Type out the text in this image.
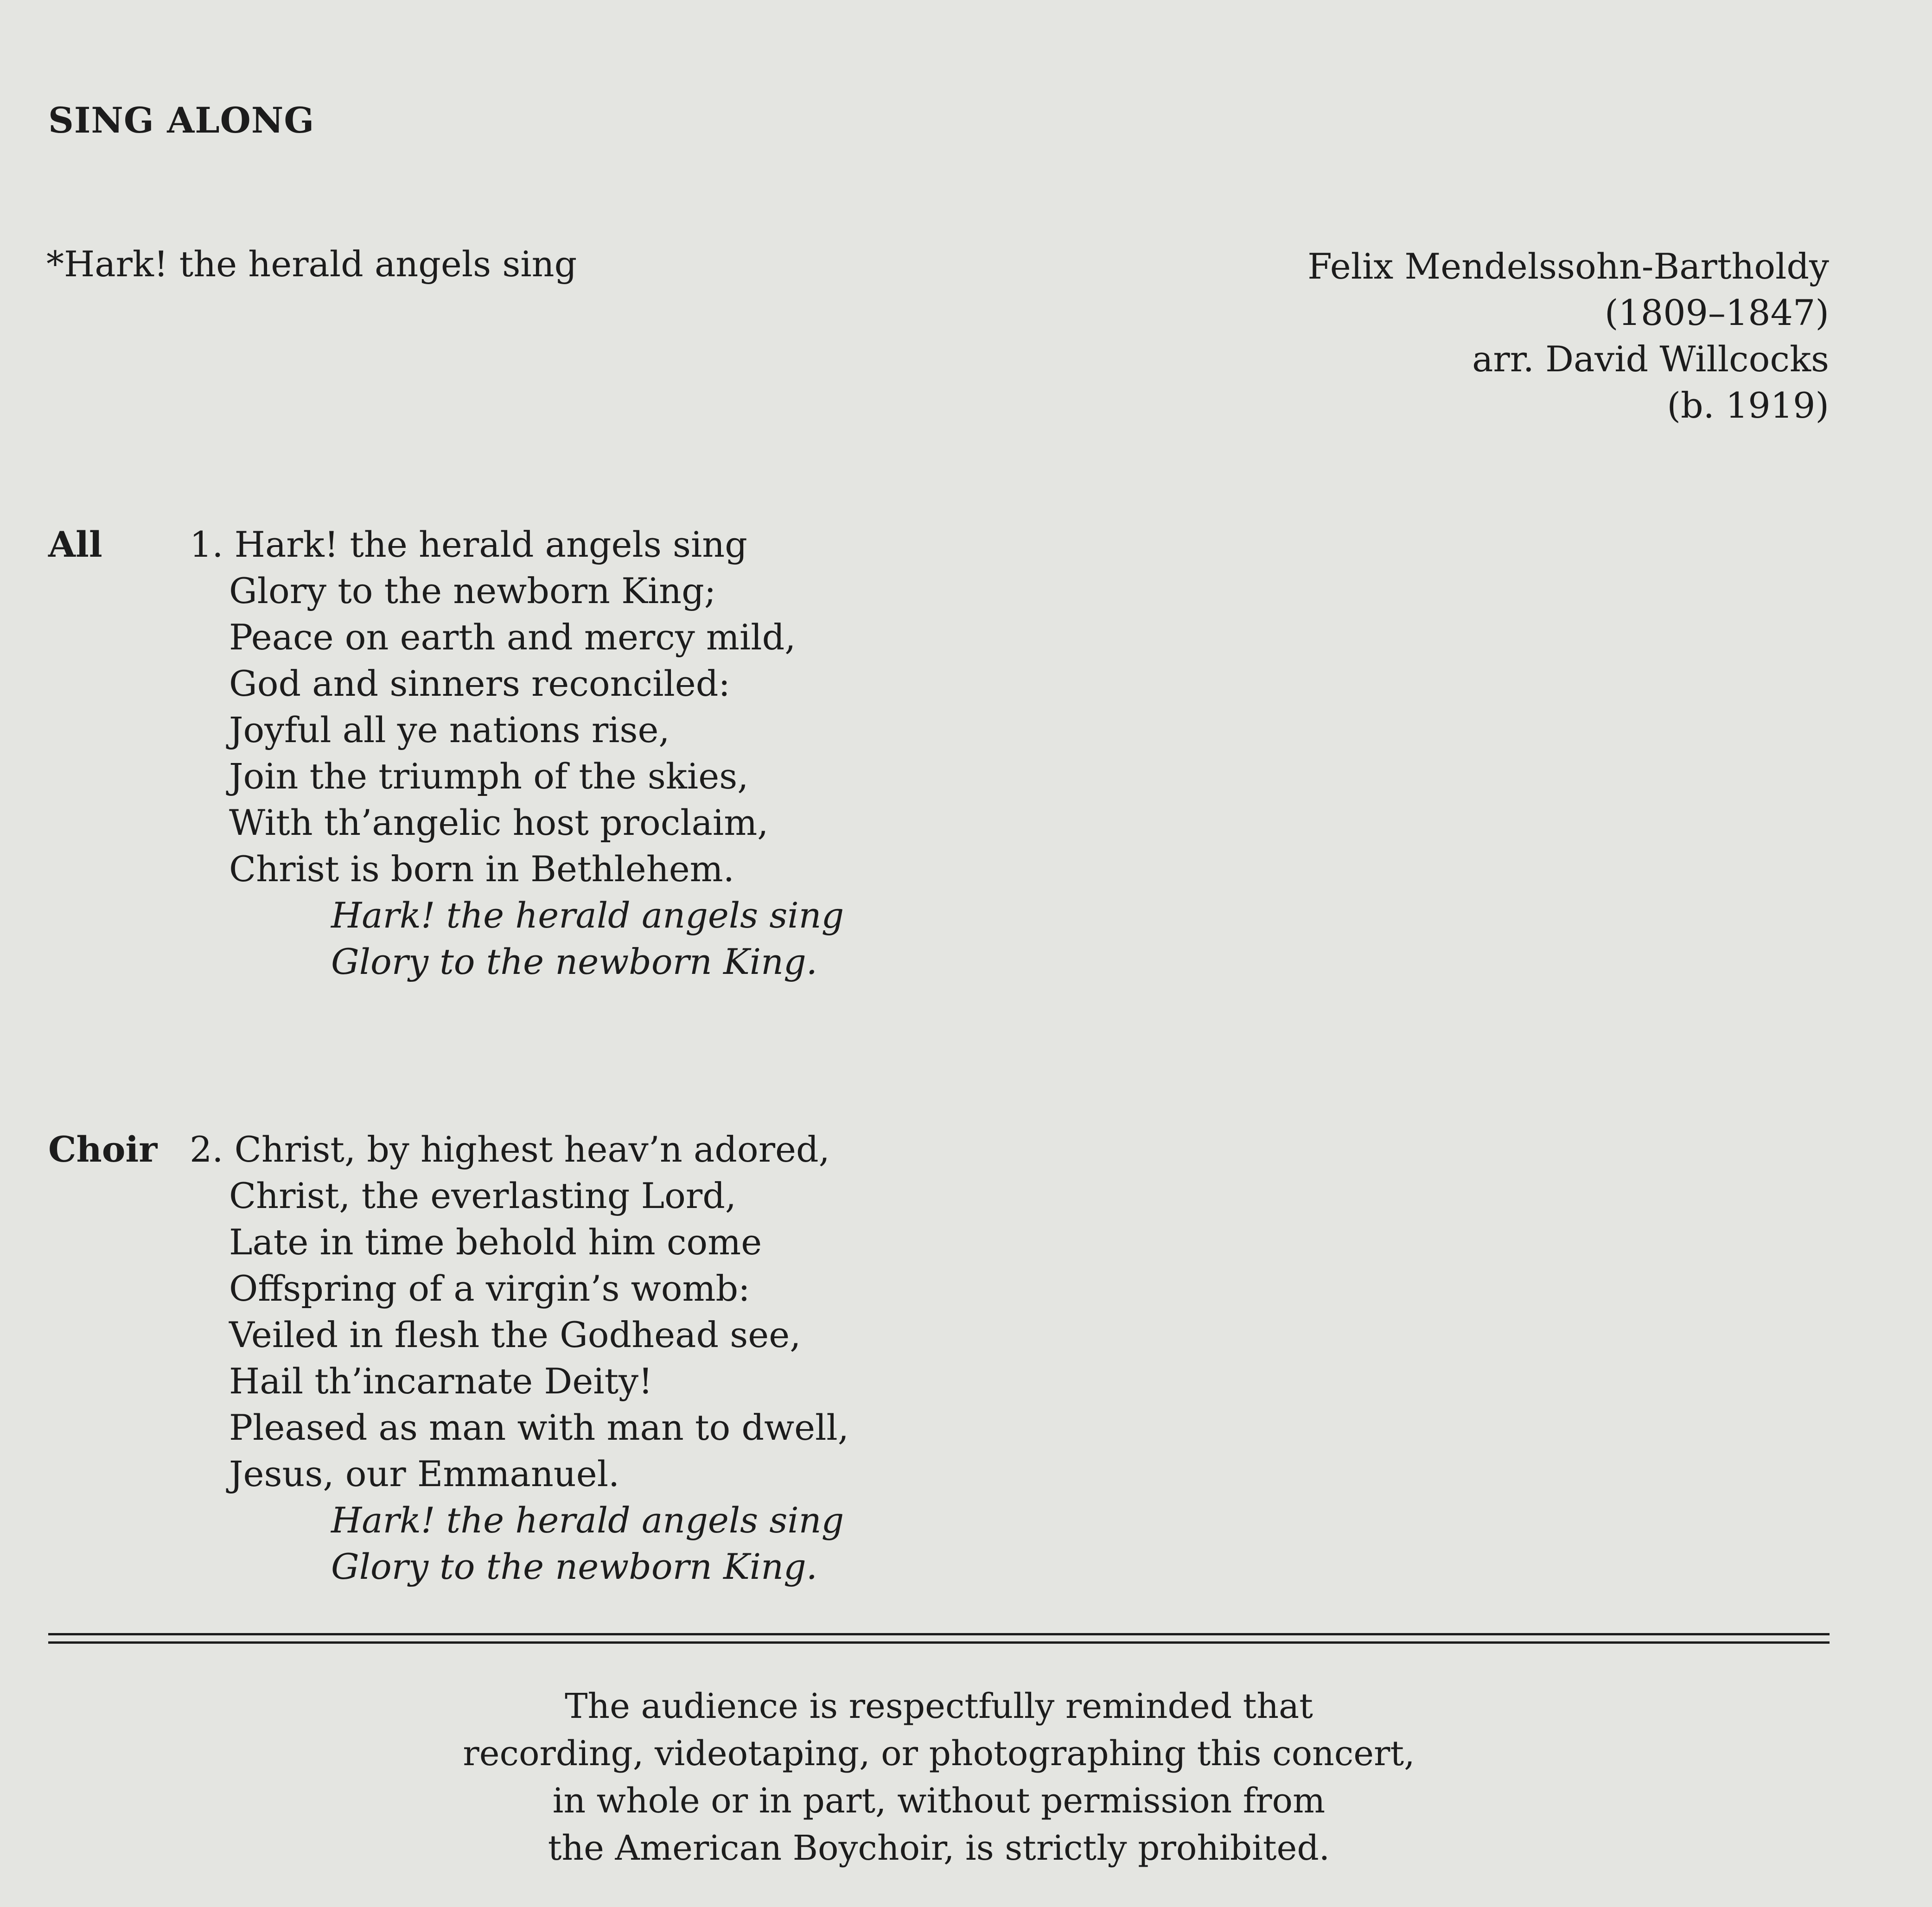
SING ALONG

*Hark! the herald angels sing	Felix Mendelssohn-Bartholdy
(1809–1847)
arr. David Willcocks
(b. 1919)
All 1. Hark! the herald angels sing
Glory to the newborn King;
Peace on earth and mercy mild,
God and sinners reconciled:
Joyful all ye nations rise,
Join the triumph of the skies,
With th’angelic host proclaim,
Christ is born in Bethlehem.
Hark! the herald angels sing
Glory to the newborn King.
Choir 2. Christ, by highest heav’n adored,
Christ, the everlasting Lord,
Late in time behold him come
Offspring of a virgin’s womb:
Veiled in flesh the Godhead see,
Hail th’incarnate Deity!
Pleased as man with man to dwell,
Jesus, our Emmanuel.
Hark! the herald angels sing
Glory to the newborn King.
The audience is respectfully reminded that
recording, videotaping, or photographing this concert,
in whole or in part, without permission from
the American Boychoir, is strictly prohibited.
